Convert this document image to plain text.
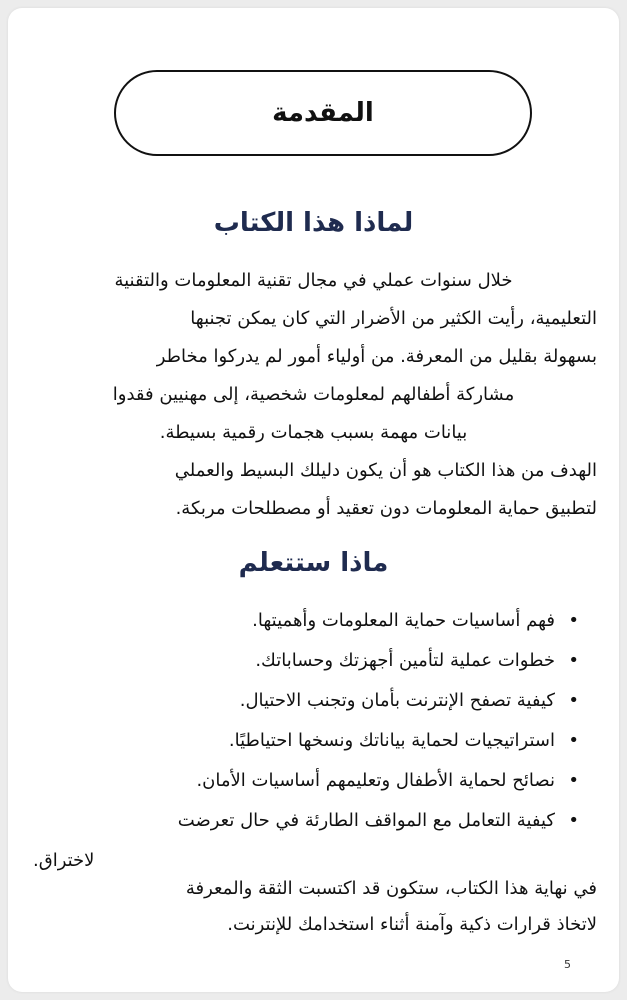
المقدمة
لماذا هذا الكتاب
خلال سنوات عملي في مجال تقنية المعلومات والتقنية
التعليمية، رأيت الكثير من الأضرار التي كان يمكن تجنبها
بسهولة بقليل من المعرفة. من أولياء أمور لم يدركوا مخاطر
مشاركة أطفالهم لمعلومات شخصية، إلى مهنيين فقدوا
بيانات مهمة بسبب هجمات رقمية بسيطة.
الهدف من هذا الكتاب هو أن يكون دليلك البسيط والعملي
لتطبيق حماية المعلومات دون تعقيد أو مصطلحات مربكة.
ماذا ستتعلم
•
فهم أساسيات حماية المعلومات وأهميتها.
•
خطوات عملية لتأمين أجهزتك وحساباتك.
•
كيفية تصفح الإنترنت بأمان وتجنب الاحتيال.
•
استراتيجيات لحماية بياناتك ونسخها احتياطيًا.
•
نصائح لحماية الأطفال وتعليمهم أساسيات الأمان.
•
كيفية التعامل مع المواقف الطارئة في حال تعرضت
لاختراق.
في نهاية هذا الكتاب، ستكون قد اكتسبت الثقة والمعرفة
لاتخاذ قرارات ذكية وآمنة أثناء استخدامك للإنترنت.
5
